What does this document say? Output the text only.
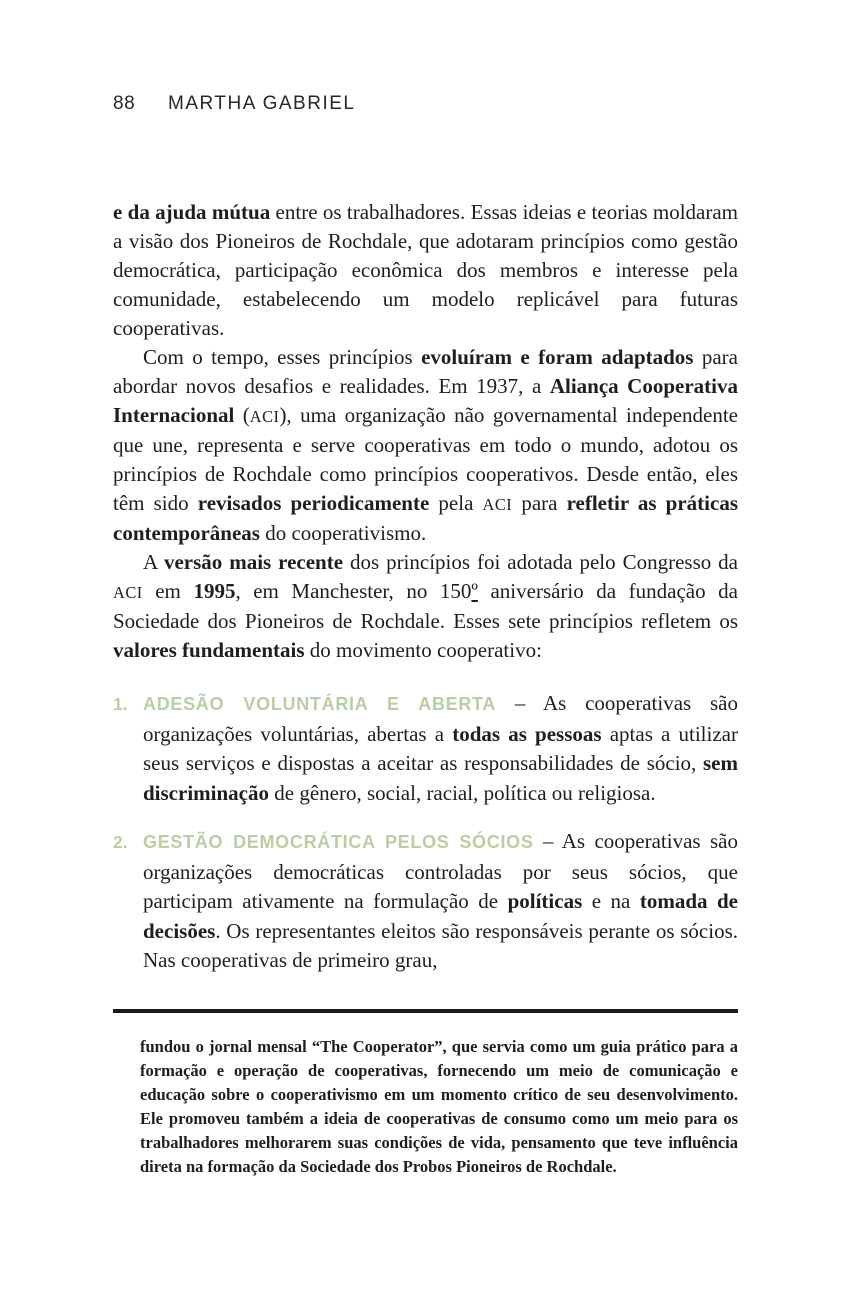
88	MARTHA GABRIEL

e da ajuda mútua entre os trabalhadores. Essas ideias e teorias moldaram a visão dos Pioneiros de Rochdale, que adotaram princípios como gestão democrática, participação econômica dos membros e interesse pela comunidade, estabelecendo um modelo replicável para futuras cooperativas.

Com o tempo, esses princípios evoluíram e foram adaptados para abordar novos desafios e realidades. Em 1937, a Aliança Cooperativa Internacional (ACI), uma organização não governamental independente que une, representa e serve cooperativas em todo o mundo, adotou os princípios de Rochdale como princípios cooperativos. Desde então, eles têm sido revisados periodicamente pela ACI para refletir as práticas contemporâneas do cooperativismo.

A versão mais recente dos princípios foi adotada pelo Congresso da ACI em 1995, em Manchester, no 150º aniversário da fundação da Sociedade dos Pioneiros de Rochdale. Esses sete princípios refletem os valores fundamentais do movimento cooperativo:

1. ADESÃO VOLUNTÁRIA E ABERTA – As cooperativas são organizações voluntárias, abertas a todas as pessoas aptas a utilizar seus serviços e dispostas a aceitar as responsabilidades de sócio, sem discriminação de gênero, social, racial, política ou religiosa.
2. GESTÃO DEMOCRÁTICA PELOS SÓCIOS – As cooperativas são organizações democráticas controladas por seus sócios, que participam ativamente na formulação de políticas e na tomada de decisões. Os representantes eleitos são responsáveis perante os sócios. Nas cooperativas de primeiro grau,
fundou o jornal mensal “The Cooperator”, que servia como um guia prático para a formação e operação de cooperativas, fornecendo um meio de comunicação e educação sobre o cooperativismo em um momento crítico de seu desenvolvimento. Ele promoveu também a ideia de cooperativas de consumo como um meio para os trabalhadores melhorarem suas condições de vida, pensamento que teve influência direta na formação da Sociedade dos Probos Pioneiros de Rochdale.
